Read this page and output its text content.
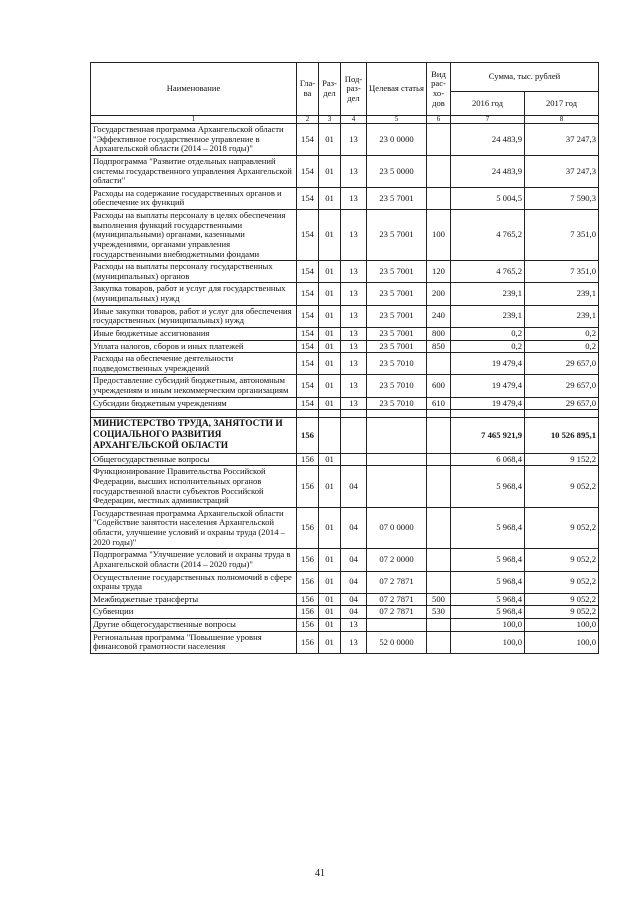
Наименование	Гла-ва	Раз-дел	Под-раз-дел	Целевая статья	Вид рас-хо-дов	Сумма, тыс. рублей	
						2016 год	2017 год
1	2	3	4	5	6	7	8
Государственная программа Архангельской области "Эффективное государственное управление в Архангельской области (2014 – 2018 годы)"	154	01	13	23 0 0000		24 483,9	37 247,3
Подпрограмма "Развитие отдельных направлений системы государственного управления Архангельской области"	154	01	13	23 5 0000		24 483,9	37 247,3
Расходы на содержание государственных органов и обеспечение их функций	154	01	13	23 5 7001		5 004,5	7 590,3
Расходы на выплаты персоналу в целях обеспечения выполнения функций государственными (муниципальными) органами, казенными учреждениями, органами управления государственными внебюджетными фондами	154	01	13	23 5 7001	100	4 765,2	7 351,0
Расходы на выплаты персоналу государственных (муниципальных) органов	154	01	13	23 5 7001	120	4 765,2	7 351,0
Закупка товаров, работ и услуг для государственных (муниципальных) нужд	154	01	13	23 5 7001	200	239,1	239,1
Иные закупки товаров, работ и услуг для обеспечения государственных (муниципальных) нужд	154	01	13	23 5 7001	240	239,1	239,1
Иные бюджетные ассигнования	154	01	13	23 5 7001	800	0,2	0,2
Уплата налогов, сборов и иных платежей	154	01	13	23 5 7001	850	0,2	0,2
Расходы на обеспечение деятельности подведомственных учреждений	154	01	13	23 5 7010		19 479,4	29 657,0
Предоставление субсидий бюджетным, автономным учреждениям и иным некоммерческим организациям	154	01	13	23 5 7010	600	19 479,4	29 657,0
Субсидии бюджетным учреждениям	154	01	13	23 5 7010	610	19 479,4	29 657,0

МИНИСТЕРСТВО ТРУДА, ЗАНЯТОСТИ И СОЦИАЛЬНОГО РАЗВИТИЯ АРХАНГЕЛЬСКОЙ ОБЛАСТИ	156					7 465 921,9	10 526 895,1
Общегосударственные вопросы	156	01				6 068,4	9 152,2
Функционирование Правительства Российской Федерации, высших исполнительных органов государственной власти субъектов Российской Федерации, местных администраций	156	01	04			5 968,4	9 052,2
Государственная программа Архангельской области "Содействие занятости населения Архангельской области, улучшение условий и охраны труда (2014 – 2020 годы)"	156	01	04	07 0 0000		5 968,4	9 052,2
Подпрограмма "Улучшение условий и охраны труда в Архангельской области (2014 – 2020 годы)"	156	01	04	07 2 0000		5 968,4	9 052,2
Осуществление государственных полномочий в сфере охраны труда	156	01	04	07 2 7871		5 968,4	9 052,2
Межбюджетные трансферты	156	01	04	07 2 7871	500	5 968,4	9 052,2
Субвенции	156	01	04	07 2 7871	530	5 968,4	9 052,2
Другие общегосударственные вопросы	156	01	13			100,0	100,0
Региональная программа "Повышение уровня финансовой грамотности населения	156	01	13	52 0 0000		100,0	100,0
41
